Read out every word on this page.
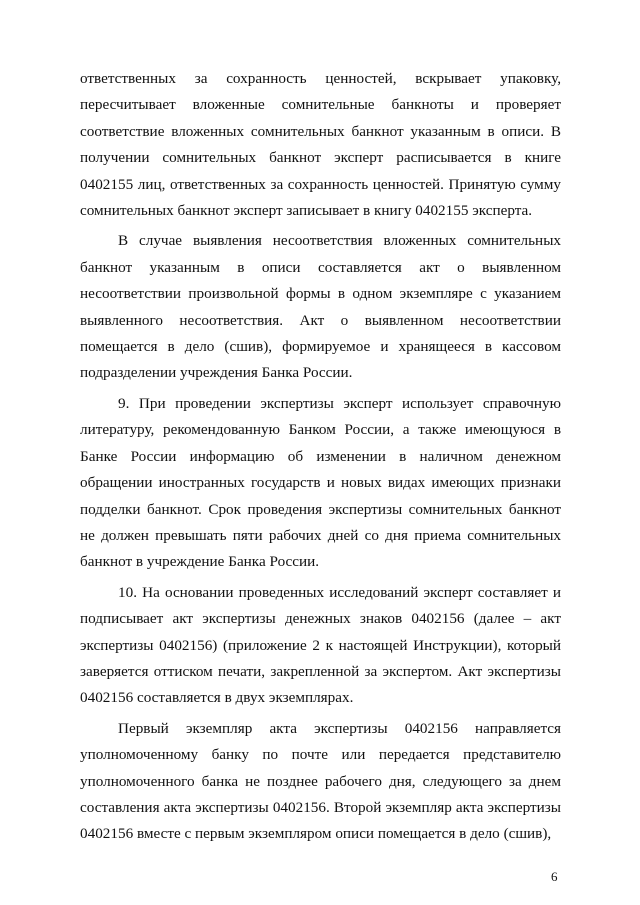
ответственных за сохранность ценностей, вскрывает упаковку, пересчитывает вложенные сомнительные банкноты и проверяет соответствие вложенных сомнительных банкнот указанным в описи. В получении сомнительных банкнот эксперт расписывается в книге 0402155 лиц, ответственных за сохранность ценностей. Принятую сумму сомнительных банкнот эксперт записывает в книгу 0402155 эксперта.

В случае выявления несоответствия вложенных сомнительных банкнот указанным в описи составляется акт о выявленном несоответствии произвольной формы в одном экземпляре с указанием выявленного несоответствия. Акт о выявленном несоответствии помещается в дело (сшив), формируемое и хранящееся в кассовом подразделении учреждения Банка России.

9. При проведении экспертизы эксперт использует справочную литературу, рекомендованную Банком России, а также имеющуюся в Банке России информацию об изменении в наличном денежном обращении иностранных государств и новых видах имеющих признаки подделки банкнот. Срок проведения экспертизы сомнительных банкнот не должен превышать пяти рабочих дней со дня приема сомнительных банкнот в учреждение Банка России.

10. На основании проведенных исследований эксперт составляет и подписывает акт экспертизы денежных знаков 0402156 (далее – акт экспертизы 0402156) (приложение 2 к настоящей Инструкции), который заверяется оттиском печати, закрепленной за экспертом. Акт экспертизы 0402156 составляется в двух экземплярах.

Первый экземпляр акта экспертизы 0402156 направляется уполномоченному банку по почте или передается представителю уполномоченного банка не позднее рабочего дня, следующего за днем составления акта экспертизы 0402156. Второй экземпляр акта экспертизы 0402156 вместе с первым экземпляром описи помещается в дело (сшив),

6
